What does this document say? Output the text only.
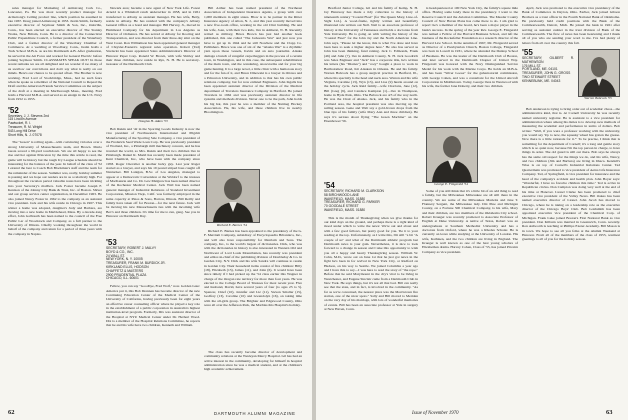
sales manager for Marketing of Armstrong Cork Co., Lancaster, Pa. He was most recently product manager for Armstrong's Ceiling product line, which position he assumed in late 1967. Doug joined Armstrong in 1953. Justin Smith, formerly executive director of Seymour Smith & Son, Inc., Oakville, Conn., has been elected an executive director of The Stanley Works, New Britain, Conn. He is a director of the Connecticut Public Expenditure Council, a former president of the Waterbury Club, and a former director of the Waterbury Chamber of Commerce. At a wedding at Woodbury, Conn., Justin holds a Tuck School M.B.A. as are his Dartmouth A.B. After graduation, he served in the Air Force and worked for General Electric before joining Seymour Smith. CLASSMATES SPEAK OUT! In those recent remarks we are all delighted and we wonder if too many of us swallow our convictions and don't say what is really on our minds. Here's our chance to be quoted afloat. The Brother is now working. Fred Lord of Stockbridge, Mass., had no such fears when he spoke as a member of the National Council to Repeal the Draft and the American Friends Service Committee on the subject of the draft at a meeting in Marlborough Mass., meeting. Fred holds a Harvard M.B.A. and served as an ensign in the U.S. Navy from 1952 to 1955.

'52
Secretary, J. J. Stevens 2nd
115 Lincoln Avenue
Pawtucket, R. I.
Treasurer, R. M. Wright
543 Long Hill Drive
Short Hills, N. J. 07078

The "Green" is rolling again—with convincing victories over a strong University of Massachusetts team, and Brown. Mario Gusta scored a 99-yard touchdown. We are all happy to see the rise and hot against Princeton by the time this article is read, the game will be history but the tough Ivy League schedule should be interesting for the balance of the year. In behalf of the class of '52 I extend the best to Coach Bob Blackman's staff and the team for the remainder of the season. Summer was, really, holiday summer is passing and we hope our readers are in as a relatively high. For throughout the vacation period valuable notes have been trickling into your Secretary's mailbox. Jack Foster became Joseph F. Kenison of the Johnny City Bank & Trust, Inc. of Boston. Shiver and our group service center organization, in December 1963. He also joined Nancy Foster in 1962 to the company as an assistant vice president. Jack and his wife reside in Chicago in 1967. This winter a home was adopted, daughter's Judy and Barbara, are moving into a new home in Marblehead, Mass. By a decade-long effort, John Galbreath has been named to the council of the Free Public Lar of Woodstock and Company, as a full partner to the University of Illinois. Chiefly working throughout the world in behalf of the company and return for a period of three years with the company in Naples.

Newark area; became a new agent of New York Life. Forest Arnold is a Whitehall ranch underwriter in 1958, and in 1961 transferred to Albany as assistant manager. He has wife, Betty, reside in Albany. He has resided with the company's Albany General Office as a bond and manager. Bill Hervey, Jr., moved in Hammond Company for his department in Los Angeles as Director of Ordnance. He has served at Albany for Rooting and Transportation, and was directed from their three-day stint on the West Coast. Ron Williamson has been appointed general manager of Chrysler-Eastern's regional sales operation. Robert (Tad) Strelecki has been appointed Sales Administration's Director of Hanover Paper Corp. Ronald W. Brown, with wife Shirley and their three children, now reside in Rye, N. H. He is secretary-treasurer of the Dartmouth Club.

Douglas H. Adam '53

Bob Rukin and '42 in the Sporting Goods Industry is now the vice president of Northwestern International and Pilgrim Manufacturing of the Sporting Sale Company, a vice president of the Frederick Seed Wade Loan Corp. He was previously president of Worland, Inc., a Pittsburgh mill machinery concern, and he has traveled the world, so Mrs. Rukin and their two children live in Pittsburgh. Daniel R. Mudd has recently been made president of Kent Chemical, Inc., who have been with the company since 1958. Roger Chevalier is another lucky guy. Last year Roger started as a lawyer, and says his 19 pound striped bass caught off Nantucket. Bill Lanigan, B.Sc. of Los Angeles, managed to appear at a Democratic Convention at the Waldorf to the trustees of MacKenzie and Co. Dr. Lew Mulgrew has been named director of the Rochester Medical Center. Jack Wall has been named general manager of Industrial Relations of Standard Investment Corporation, Mission Viejo, Calif. was formerly employed in the same capacity at Pinos & Sons, Bartow, Illinois. Bill Reilly and family have taken off for Boston—for the next future. Jack will be moving his new Massachusetts ties with the incoming wife Bev's and three children. It's time for me to run, gang. See you in Hanover on Dartmouth Day.

'53
SECRETARY, ROBERT J. MALVY
BOYD & CO., INC.
24 WALL ST.
NEW YORK, N. Y. 10005
TREASURER, FRANK M. BURDICK JR.
KIRKLAND ELLIS, HODSON
CHAFFETZ & MASTERS
2900 PRUDENTIAL PLAZA
CHICAGO, ILL. 60601

Fellow, you can say "Goodbye, Fred Wolf," now. Golden Gate: America put it, this Bob Drennen has become director of the new Continuing Education Center of the Medical Center of the University of California, having previously been for eight years an effective career counseling officer where he played a key role in the establishment of a public corporation in Australia's highest institution-level program. Formerly, Dix was assistant director of the Hospital at NYU Medical Center under Dr. Herbert Wood. Dix is a member of the Hospital Relations Committee, he reports that he and his wife have two children, Kenneth and William.

Bill Arthur has been named president of the Northeast Association of Independent Insurance Agents, a group with over 1,000 members in eight states. Blow is to be partner in the Ritter Insurance Agency of Alton, N. J., and this year recently moved into a new five-room office, working in the old Clint building. He and his wife, Joan, with their two kids, live in Amherst, N. H. Recently retired as military, Bruce Brown has just had another book published, this one called "The Jacksonia War" and just now you have to get up in 1944 and he still Nowhere and the Clapp Co. Publishers. Bruce was one of six of the "Alaska War" is a rhythmic yarn upon those vessels, Kevin and an auto journalist. Alaska damage a bunch of vengeful carpetbaggers in the process of a certain town, in Washington, and in this case, the subsequent rehabilitation of the main town, and the wandering, snowstorms and for your big game hunting. It is a large novel, a little clinic with a humorous story and for the fun of it, and Bruce Dmowski is a lawyer in Ottawa and a Princeton University, and in addition to that has his own public relations company, but for now enlisted Engineers. John Ingalls has been appointed assistant director of the Division of the Medical department of Travelers Insurance Company in Hartford. He joined Travelers in 1962 and was previously assistant director in life systems and methods division. Never one to be the path, John holds his big hat, this year he was a member of the Nutmeg Hockey Association. He, his wife, and three children live in nearby Bloomington.

Richard E. Barnes '54

Richard E. Barnes has been appointed to the presidency of the G. F. Merriam Company, subsidiary of Encyclopaedia Britannica, Inc., and will also have responsibility for Merriam and Sons. The company, Inc., is the world's largest of dictionaries. Dick, who was with the dictionaries in history is also interested in Western Old and Northwest of Lord Louis Mountbatten, has recently was president and editor-in-chief of the publishing division of Doubleday & Co. in Garden City, N.Y. Dick and his wife Sandra will continue to reside in Garden City. Their household items consist of five children: Billy (18), Elizabeth (13), James (11), and John (6). It would have been since timely if I had picked up the '54 class earlier this Wagner in charge of the Oregon rate territory for more than four years. He was elected to the College Board of Trustees for most recent year. Five and husband, David, have several years of four (to ages 23 to 5). Spencer, Chief (10), Jennifer and Liz (11), Steven Smaller (15), Godfrey (13), Caroline (10) and Gwendolyn (16), on taking time with the all-girls group. The Brighter and Edgewood County, Ohio were all over the Jefferson Park, the Marbles this Hospital's holiday.

The class has recently become director of development and community relations at the Wesleyan Mercy Hospital. Gil has had an active interest in the community, developing for himself in hospital administration since he was a medical student, and at the children's high academic achievement.

62	DARTMOUTH ALUMNI MAGAZINE

Bradford Junior College, Gil and his family of Kemp, N. H. Jay Hanaway has made a tidy collection to the history of nineteenth century "Coastal Fleet" (for The Queen Mary, Line-of-Sight Ltd.). A wood-frame, tightly written and beautifully illustrated tale written out Nell. Neil is an associate professor of history at the University of Tennessee and holds a doctorate from Yale University. He is going on with writing the history of the "Coastal Fleet" for the John Jay and the North American Line. John says, "Please let me know, this is what I've done and have been here to seek a higher degree here." He also has served as John has been thinking, fund raising. Jack C. Edmonds, Frank (46) and John (7), live in Amherst County, N. H. Jack Goodrich was Sales Engineer and "Jack" has a corporate title, he's written his letters (his "Diaries") and "cozy" bought a place to work in Bartholomew Road, Kit Alaskan in Orleans. He and his family. Warren Babcock has a group surgical practice in Bedford, Ill., where his specialty is the head and neck area. Warren and his wife Virginia, Caroline (13), Wyn (13), and Lisa (9) hustle around on the holiday cycle. Jack Reid family—wife Charlotte, Jane (12), Bill (Greg (9), and Candace Kempton (1)—live in Thompson, home in Hyde Park, Ohio. The Babcock are 4/3 of the way north. He was the Chair of Alaska. Jack, and his family who in the Portland area, the hospital president was also moving up the sailing season. Gene and Walt say a gold-brown drops from the blue tips of his family (wife Mary Ann and three children). He says it's serious about flying "The Green Machine" on the Eisenhower '56.

'54
SECRETARY, RICHARD M. CLARKSON
58 BIRCHWOOD LANE
WAKEFIELD, MASS. 01880
TREASURER, RICHARD G. PARKER
70 GOODALE STREET
WAKEFIELD, MASS. 01880

This is the month of Thanksgiving when we give thanks for our kind days on the ground, and perhaps there is a right kind of mood under which to write the news: We're out and about and with a few good fellows, but pretty good for you. Tie it to your reading at the top. Unfortunately, as I write this, I'm still "a bit "A couple of us" and what of the Dartmouth athletic program last Dartmouth news is your gain. Nevertheless, it is nice to look forward to a change in season and I take this opportunity to wish you all a happy and hearty Thanksgiving season. William W. Cohn, M.D., wrote out on June 1st that he just got news in the fight he's been in for revival in New York City, or Radford on Hudson, on his way to Seattle. We joined Columbia a year ago and I have this to say—I was here to read the story of "the rope." Before that he said Marymount in the city's vital to be living in Westchester, and Eugene Sinclair came from a Dartmouth Club in New York. He says things, but it's not all that bad. Bill can really see that the state, and in fact, is involved in the community. "As far as we're concerned, the nearest place was the Morristown fire station, one of the nicer spots." Sally and Bill moved to Meriden on the very day of his marriage, with lots of wonderful memories of events. Bill has been an associate professor at Yale in surgery at New Haven, Conn.

is headquartered at 100 New York City, the family's square mile office. Having some lately there in the presidency. I went to the Reserve Council and the Aviation Committee. The Meader County Council of New Haven Plans has come there to do. I am glad to report: he's a member of the board, he's been a major player in the bank's success. In the spring of the year Rev. George E. Fitzgerald was named a Fellow of the Harvard Business School, and left the business of the Rockefeller Foundation as a research director of the Harvard Law School. In the autumn of 1967, Mr. Fitzgerald served as Director of a Presbyterian Church, Boston College, Fitzgerald was born in Lowell in 1931, where he attended the Dunlop School of Business. He was the leader of the Dartmouth Club of Boston, and later served in the Dartmouth Chapter of United Way. Fitzgerald was honored with the Navy Distinguished Service Medal for his work with the Marine Corps. He holds an M.B.A. and has been "Silver Goose" for the gubernatorial commission, with George Cohen, and was a consultant for the United Aircraft Corporation in Middletown. Today, George lives in Westwood with his wife, the former Jane Doherty, and their two children.

George E. Fitzgerald '54

Some of you still think that it's a little bit of an odd thing to read a family, but the Milwaukee Milwaukee are all still there in the country. We are some of the Milwaukee Marietta and Jane T. Flannery Sergent, the Milwaukee lady. Dix Pine and Michigan County, on a Fortune 500 Chemical Company, is his wife, Mary and their children, are two members of the Oklahoma City school. Robert Krueger was recently promoted to Associate Professor of English at Duke University. A native of Texas, Robert was an undergraduate at Southern Methodist University and has a doctorate from Oxford, where he was a Rhodes Scholar. He is currently on leave while studying at the University of London. His wife, Kathleen, and the two children are living in England. The Krueger is well known as one of the best young scholars of Elizabethan drama. Harvey Cohen, Class of '55, has joined Pitcairn Company as vice president.

April, Jack was promoted to the executive vice presidency of the Bank of Commerce in Dayton, Ohio. Earlier, Jack joined Gibson Brothers as a trust officer in the Fourth National Bank of Oklahoma. He previously held credit positions with the Bank of the Commonwealth, Detroit, Mich. He joined the bank in 1961 after serving as assistant cashier in the trust division of Bank of the Commonwealth. The flow of news has been heartening and I thank all of you who are sending your word to me. I've had plenty of letters from all over the country this fall.

'55
SECRETARY, GILBERT R. MATHEWSON
176 MILL ST.
PORTLAND, ME. 04101
TREASURER, JOHN G. GROSS
TWO STEWART STREET
KENNEBUNK, ME. 04043
Warren Babcock '55

Bob Anderson is trying to bring order out of academic chaos—the administrative kind, that is. At Cornell University he was recently named university registrar. He is assistant to a vice president for administration where among his duties is to develop new methods of measuring the academic and performance in terms of dollars. Bob writes: "Well, if you were a professor working with the university, you would say 'Up to now, the squeaky wheel has gotten the grease. Now there is a little rationale for it.'" To be precise, I think that is something for the department of Cornell; it's a long and gentle story which is so quiet now, because I'm the top person in charge, to have things in order. The old guard is still out there. Bob says he always has the same old respect for the things we do, and his wife, Nancy, and two children (Jim and Barbara) are living in Ithaca. Kendall's Wise is on top of Cornell's Industrial Relations Center. Tad Quartermain was promoted to vice president of Aetna Life Insurance Company. Tad, of Springfield, is vice president for insurance and the head of the company's accident and health plan. John Boyer says: "Wonderful, I have no favorite children this time." Ted is active in Republican circles. Don Campion was doing very well at the end of his time at Hanover. Lionel Clarke has been promoted to chief executive vice president of the Valley News. Bill Oakes has been named executive director of Lionel. John Jacob has moved to Chicago, where he is taking on a leadership role as the executive director of the Chicago Boys' Club. Bob Goldsmith has been appointed executive vice president of the Chemical Corp. of Michigan. Frank Luke joined Boston's First National Bank as vice president. Don Kilburn was married in Greenwich, Conn. recently. Ron Ashworth is teaching at Phillips Exeter Academy. Bill Mason is in town. We hope to see all you folks at the Alumni Weekend at Hanover. From all of the members of the class of 1955, warmest greetings to all of you for the holiday season.

Issue of November 1970	63
